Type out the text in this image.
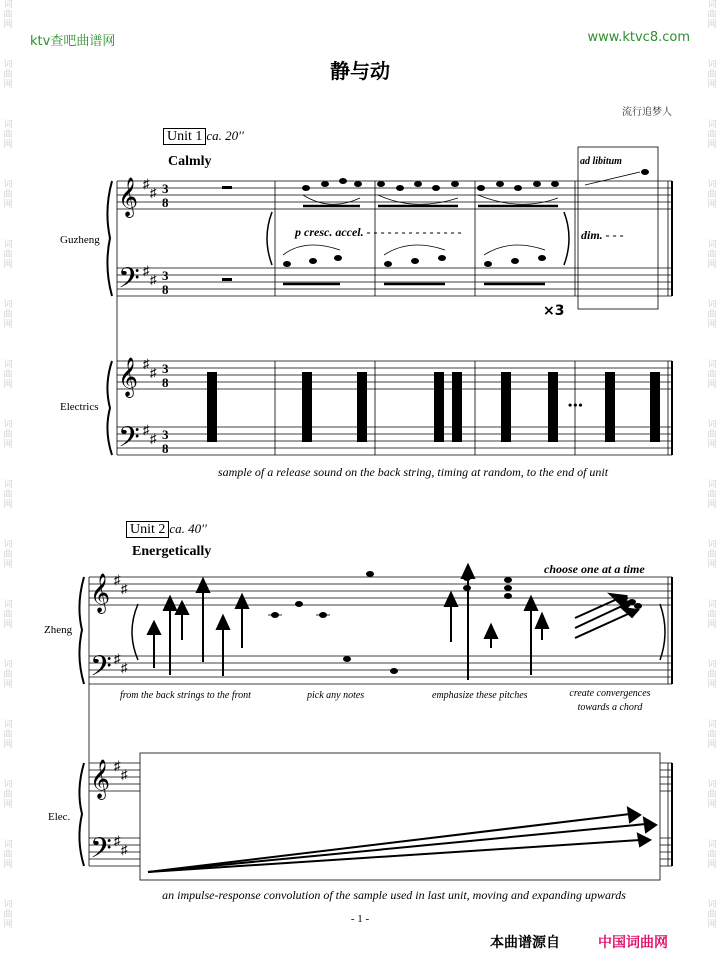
词
曲
网
词
曲
网
词
曲
网
词
曲
网
词
曲
网
词
曲
网
词
曲
网
词
曲
网
词
曲
网
词
曲
网
词
曲
网
词
曲
网
词
曲
网
词
曲
网
词
曲
网
词
曲
网
词
曲
网
词
曲
网
词
曲
网
词
曲
网
词
曲
网
词
曲
网
词
曲
网
词
曲
网
词
曲
网
词
曲
网
词
曲
网
词
曲
网
词
曲
网
词
曲
网
词
曲
网
词
曲
网
ktv查吧曲谱网	www.ktvc8.com
静与动
流行追梦人
Unit 1 ca. 20''
Calmly
Guzheng
Electrics
p cresc. accel. - - - - - - - - - - - - - -
ad libitum
dim. - - -
×3
•••
sample of a release sound on the back string, timing at random, to the end of unit
𝄞
𝄢
𝄞
𝄢
3
8
3
8
3
8
3
8
♯
♯
♯
♯
♯
♯
♯
♯
Unit 2 ca. 40''
Energetically
Zheng
Elec.
choose one at a time
from the back strings to the front	pick any notes	emphasize these pitches	create convergences
towards a chord
an impulse-response convolution of the sample used in last unit, moving and expanding upwards
𝄞
𝄢
𝄞
𝄢
♯
♯
♯
♯
♯
♯
♯
♯
- 1 -
本曲谱源自	中国词曲网
